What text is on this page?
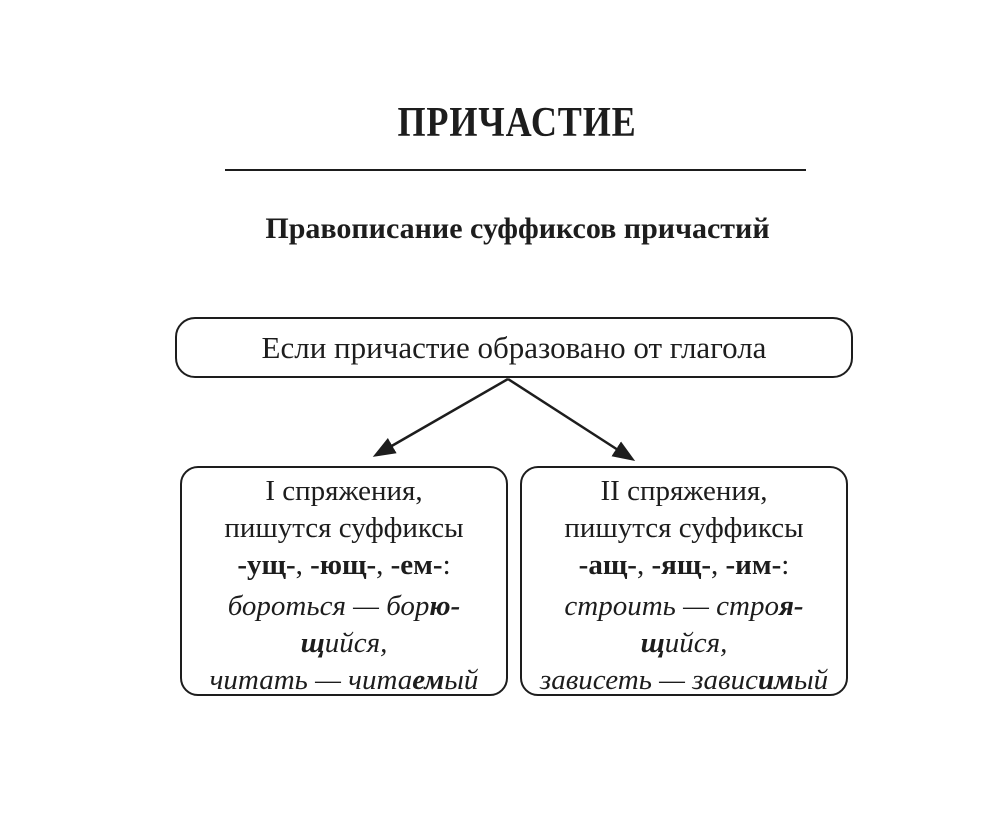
ПРИЧАСТИЕ
Правописание суффиксов причастий
Если причастие образовано от глагола
I спряжения,
пишутся суффиксы
-ущ-, -ющ-, -ем-:
бороться — борю-
щийся,
читать — читаемый
II спряжения,
пишутся суффиксы
-ащ-, -ящ-, -им-:
строить — строя-
щийся,
зависеть — зависимый
